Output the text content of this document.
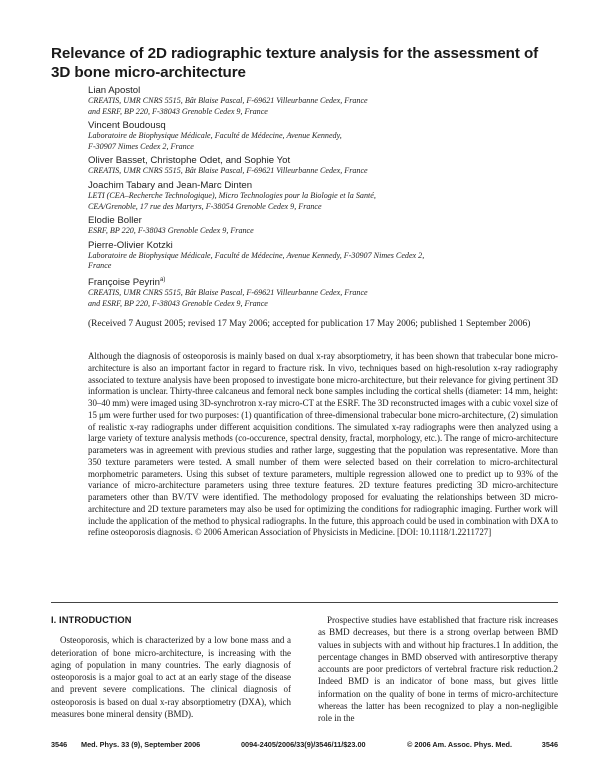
Relevance of 2D radiographic texture analysis for the assessment of 3D bone micro-architecture
Lian Apostol
CREATIS, UMR CNRS 5515, Bât Blaise Pascal, F-69621 Villeurbanne Cedex, France
and ESRF, BP 220, F-38043 Grenoble Cedex 9, France
Vincent Boudousq
Laboratoire de Biophysique Médicale, Faculté de Médecine, Avenue Kennedy,
F-30907 Nimes Cedex 2, France
Oliver Basset, Christophe Odet, and Sophie Yot
CREATIS, UMR CNRS 5515, Bât Blaise Pascal, F-69621 Villeurbanne Cedex, France
Joachim Tabary and Jean-Marc Dinten
LETI (CEA–Recherche Technologique), Micro Technologies pour la Biologie et la Santé,
CEA/Grenoble, 17 rue des Martyrs, F-38054 Grenoble Cedex 9, France
Elodie Boller
ESRF, BP 220, F-38043 Grenoble Cedex 9, France
Pierre-Olivier Kotzki
Laboratoire de Biophysique Médicale, Faculté de Médecine, Avenue Kennedy, F-30907 Nimes Cedex 2,
France
Françoise Peyrin$^{a)}$
CREATIS, UMR CNRS 5515, Bât Blaise Pascal, F-69621 Villeurbanne Cedex, France
and ESRF, BP 220, F-38043 Grenoble Cedex 9, France
(Received 7 August 2005; revised 17 May 2006; accepted for publication 17 May 2006; published 1 September 2006)
Although the diagnosis of osteoporosis is mainly based on dual x-ray absorptiometry, it has been shown that trabecular bone micro-architecture is also an important factor in regard to fracture risk. In vivo, techniques based on high-resolution x-ray radiography associated to texture analysis have been proposed to investigate bone micro-architecture, but their relevance for giving pertinent 3D information is unclear. Thirty-three calcaneus and femoral neck bone samples including the cortical shells (diameter: 14 mm, height: 30–40 mm) were imaged using 3D-synchrotron x-ray micro-CT at the ESRF. The 3D reconstructed images with a cubic voxel size of 15 μm were further used for two purposes: (1) quantification of three-dimensional trabecular bone micro-architecture, (2) simulation of realistic x-ray radiographs under different acquisition conditions. The simulated x-ray radiographs were then analyzed using a large variety of texture analysis methods (co-occurence, spectral density, fractal, morphology, etc.). The range of micro-architecture parameters was in agreement with previous studies and rather large, suggesting that the population was representative. More than 350 texture parameters were tested. A small number of them were selected based on their correlation to micro-architectural morphometric parameters. Using this subset of texture parameters, multiple regression allowed one to predict up to 93% of the variance of micro-architecture parameters using three texture features. 2D texture features predicting 3D micro-architecture parameters other than BV/TV were identified. The methodology proposed for evaluating the relationships between 3D micro-architecture and 2D texture parameters may also be used for optimizing the conditions for radiographic imaging. Further work will include the application of the method to physical radiographs. In the future, this approach could be used in combination with DXA to refine osteoporosis diagnosis. © 2006 American Association of Physicists in Medicine. [DOI: 10.1118/1.2211727]
I. INTRODUCTION
Osteoporosis, which is characterized by a low bone mass and a deterioration of bone micro-architecture, is increasing with the aging of population in many countries. The early diagnosis of osteoporosis is a major goal to act at an early stage of the disease and prevent severe complications. The clinical diagnosis of osteoporosis is based on dual x-ray absorptiometry (DXA), which measures bone mineral density (BMD).
Prospective studies have established that fracture risk increases as BMD decreases, but there is a strong overlap between BMD values in subjects with and without hip fractures.1 In addition, the percentage changes in BMD observed with antiresorptive therapy accounts are poor predictors of vertebral fracture risk reduction.2 Indeed BMD is an indicator of bone mass, but gives little information on the quality of bone in terms of micro-architecture whereas the latter has been recognized to play a non-negligible role in the
3546 Med. Phys. 33 (9), September 2006	0094-2405/2006/33(9)/3546/11/$23.00	© 2006 Am. Assoc. Phys. Med.	3546
